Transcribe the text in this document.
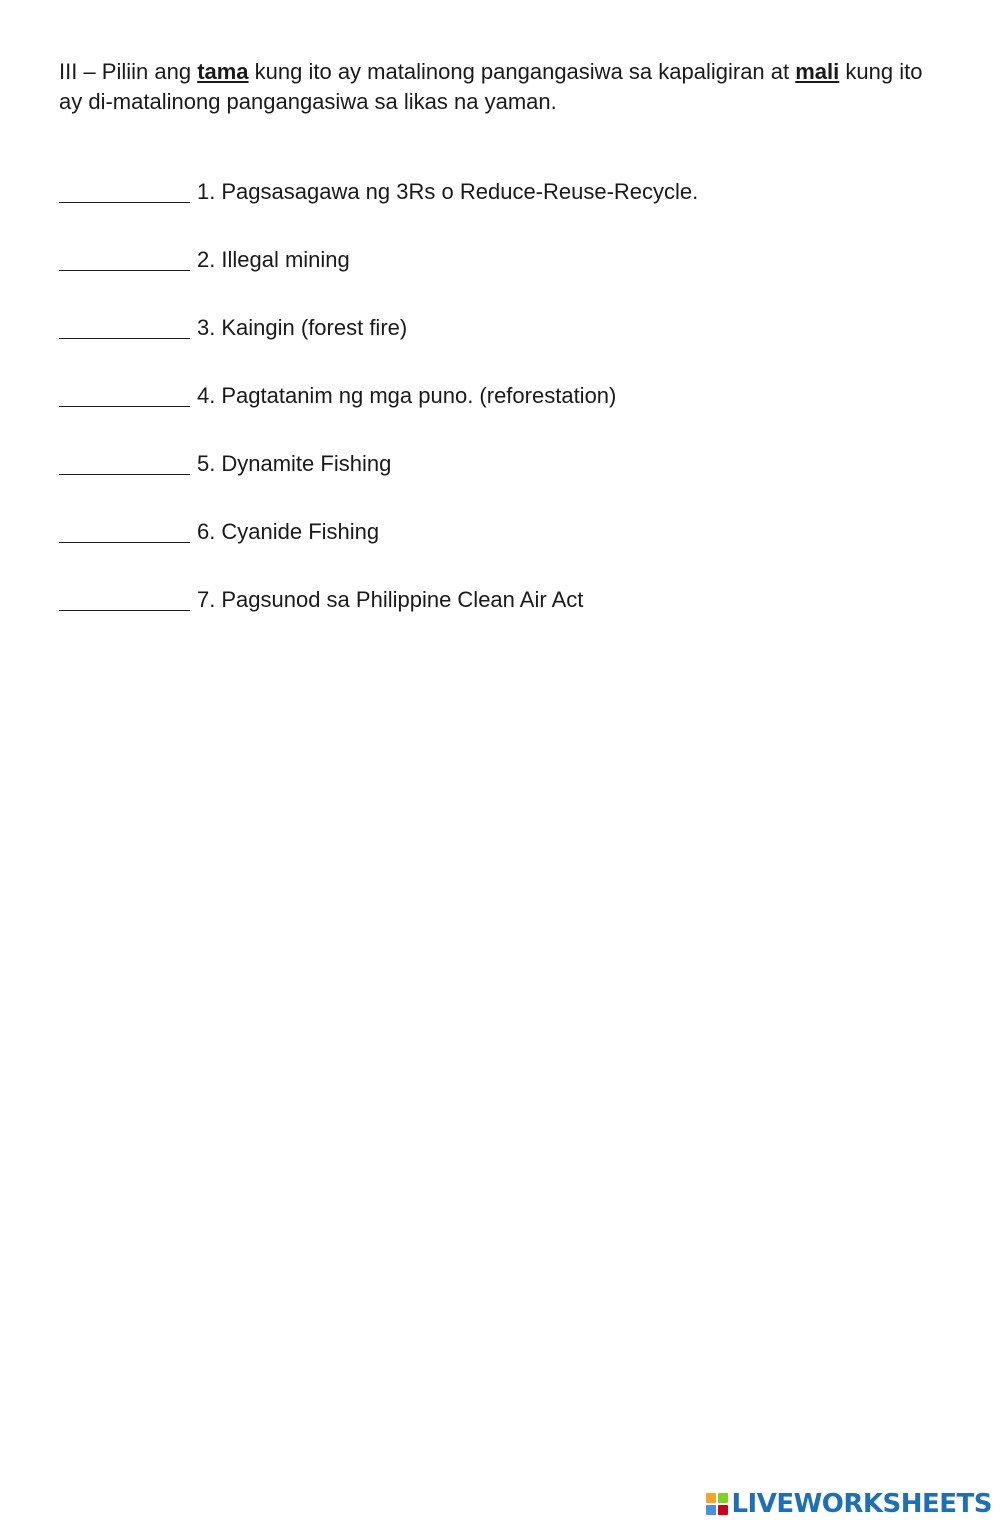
III – Piliin ang tama kung ito ay matalinong pangangasiwa sa kapaligiran at mali kung ito ay di-matalinong pangangasiwa sa likas na yaman.
1. Pagsasagawa ng 3Rs o Reduce-Reuse-Recycle.
2. Illegal mining
3. Kaingin (forest fire)
4. Pagtatanim ng mga puno. (reforestation)
5. Dynamite Fishing
6. Cyanide Fishing
7. Pagsunod sa Philippine Clean Air Act
LIVEWORKSHEETS
